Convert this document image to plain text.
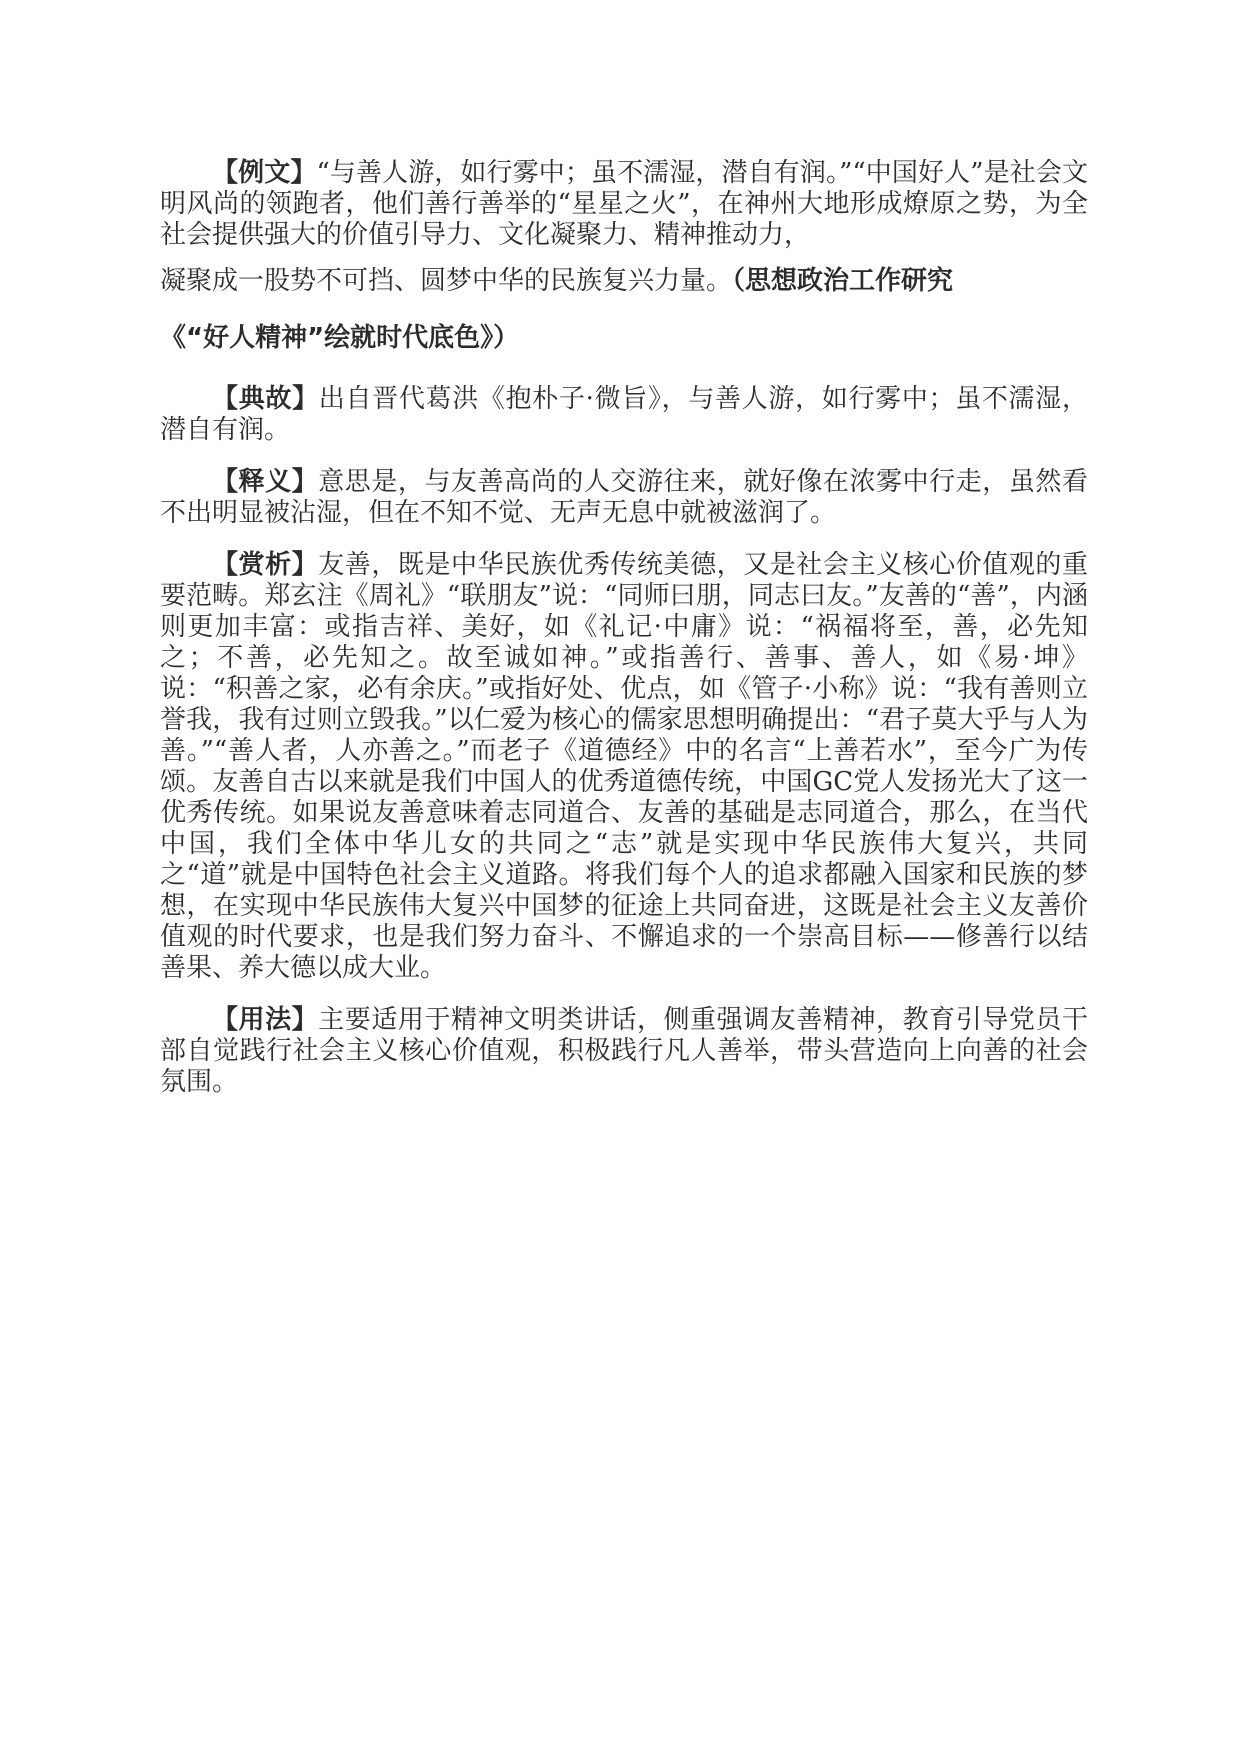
【例文】“与善人游，如行雾中；虽不濡湿，潜自有润。”“中国好人”是社会文明风尚的领跑者，他们善行善举的“星星之火”，在神州大地形成燎原之势，为全社会提供强大的价值引导力、文化凝聚力、精神推动力，
凝聚成一股势不可挡、圆梦中华的民族复兴力量。（思想政治工作研究
《“好人精神”绘就时代底色》）

【典故】出自晋代葛洪《抱朴子·微旨》，与善人游，如行雾中；虽不濡湿，潜自有润。

【释义】意思是，与友善高尚的人交游往来，就好像在浓雾中行走，虽然看不出明显被沾湿，但在不知不觉、无声无息中就被滋润了。

【赏析】友善，既是中华民族优秀传统美德，又是社会主义核心价值观的重要范畴。郑玄注《周礼》“联朋友”说：“同师曰朋，同志曰友。”友善的“善”，内涵则更加丰富：或指吉祥、美好，如《礼记·中庸》说：“祸福将至，善，必先知之；不善，必先知之。故至诚如神。”或指善行、善事、善人，如《易·坤》说：“积善之家，必有余庆。”或指好处、优点，如《管子·小称》说：“我有善则立誉我，我有过则立毁我。”以仁爱为核心的儒家思想明确提出：“君子莫大乎与人为善。”“善人者，人亦善之。”而老子《道德经》中的名言“上善若水”，至今广为传颂。友善自古以来就是我们中国人的优秀道德传统，中国GC党人发扬光大了这一优秀传统。如果说友善意味着志同道合、友善的基础是志同道合，那么，在当代中国，我们全体中华儿女的共同之“志”就是实现中华民族伟大复兴，共同之“道”就是中国特色社会主义道路。将我们每个人的追求都融入国家和民族的梦想，在实现中华民族伟大复兴中国梦的征途上共同奋进，这既是社会主义友善价值观的时代要求，也是我们努力奋斗、不懈追求的一个崇高目标——修善行以结善果、养大德以成大业。

【用法】主要适用于精神文明类讲话，侧重强调友善精神，教育引导党员干部自觉践行社会主义核心价值观，积极践行凡人善举，带头营造向上向善的社会氛围。
